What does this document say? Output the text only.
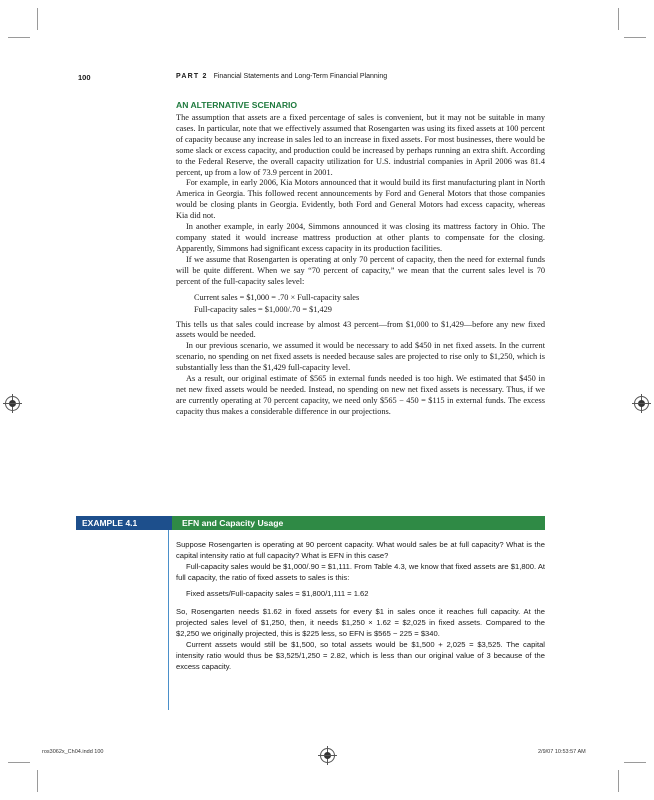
100	PART 2 Financial Statements and Long-Term Financial Planning
AN ALTERNATIVE SCENARIO

The assumption that assets are a fixed percentage of sales is convenient, but it may not be suitable in many cases. In particular, note that we effectively assumed that Rosengarten was using its fixed assets at 100 percent of capacity because any increase in sales led to an increase in fixed assets. For most businesses, there would be some slack or excess capacity, and production could be increased by perhaps running an extra shift. According to the Federal Reserve, the overall capacity utilization for U.S. industrial companies in April 2006 was 81.4 percent, up from a low of 73.9 percent in 2001.

For example, in early 2006, Kia Motors announced that it would build its first manufacturing plant in North America in Georgia. This followed recent announcements by Ford and General Motors that those companies would be closing plants in Georgia. Evidently, both Ford and General Motors had excess capacity, whereas Kia did not.

In another example, in early 2004, Simmons announced it was closing its mattress factory in Ohio. The company stated it would increase mattress production at other plants to compensate for the closing. Apparently, Simmons had significant excess capacity in its production facilities.

If we assume that Rosengarten is operating at only 70 percent of capacity, then the need for external funds will be quite different. When we say “70 percent of capacity,” we mean that the current sales level is 70 percent of the full-capacity sales level:

Current sales = $1,000 = .70 × Full-capacity sales
Full-capacity sales = $1,000/.70 = $1,429

This tells us that sales could increase by almost 43 percent—from $1,000 to $1,429—before any new fixed assets would be needed.

In our previous scenario, we assumed it would be necessary to add $450 in net fixed assets. In the current scenario, no spending on net fixed assets is needed because sales are projected to rise only to $1,250, which is substantially less than the $1,429 full-capacity level.

As a result, our original estimate of $565 in external funds needed is too high. We estimated that $450 in net new fixed assets would be needed. Instead, no spending on new net fixed assets is necessary. Thus, if we are currently operating at 70 percent capacity, we need only $565 − 450 = $115 in external funds. The excess capacity thus makes a considerable difference in our projections.

EXAMPLE 4.1	EFN and Capacity Usage

Suppose Rosengarten is operating at 90 percent capacity. What would sales be at full capacity? What is the capital intensity ratio at full capacity? What is EFN in this case?

Full-capacity sales would be $1,000/.90 = $1,111. From Table 4.3, we know that fixed assets are $1,800. At full capacity, the ratio of fixed assets to sales is this:

Fixed assets/Full-capacity sales = $1,800/1,111 = 1.62

So, Rosengarten needs $1.62 in fixed assets for every $1 in sales once it reaches full capacity. At the projected sales level of $1,250, then, it needs $1,250 × 1.62 = $2,025 in fixed assets. Compared to the $2,250 we originally projected, this is $225 less, so EFN is $565 − 225 = $340.

Current assets would still be $1,500, so total assets would be $1,500 + 2,025 = $3,525. The capital intensity ratio would thus be $3,525/1,250 = 2.82, which is less than our original value of 3 because of the excess capacity.

ros3062x_Ch04.indd 100	2/9/07 10:53:57 AM
